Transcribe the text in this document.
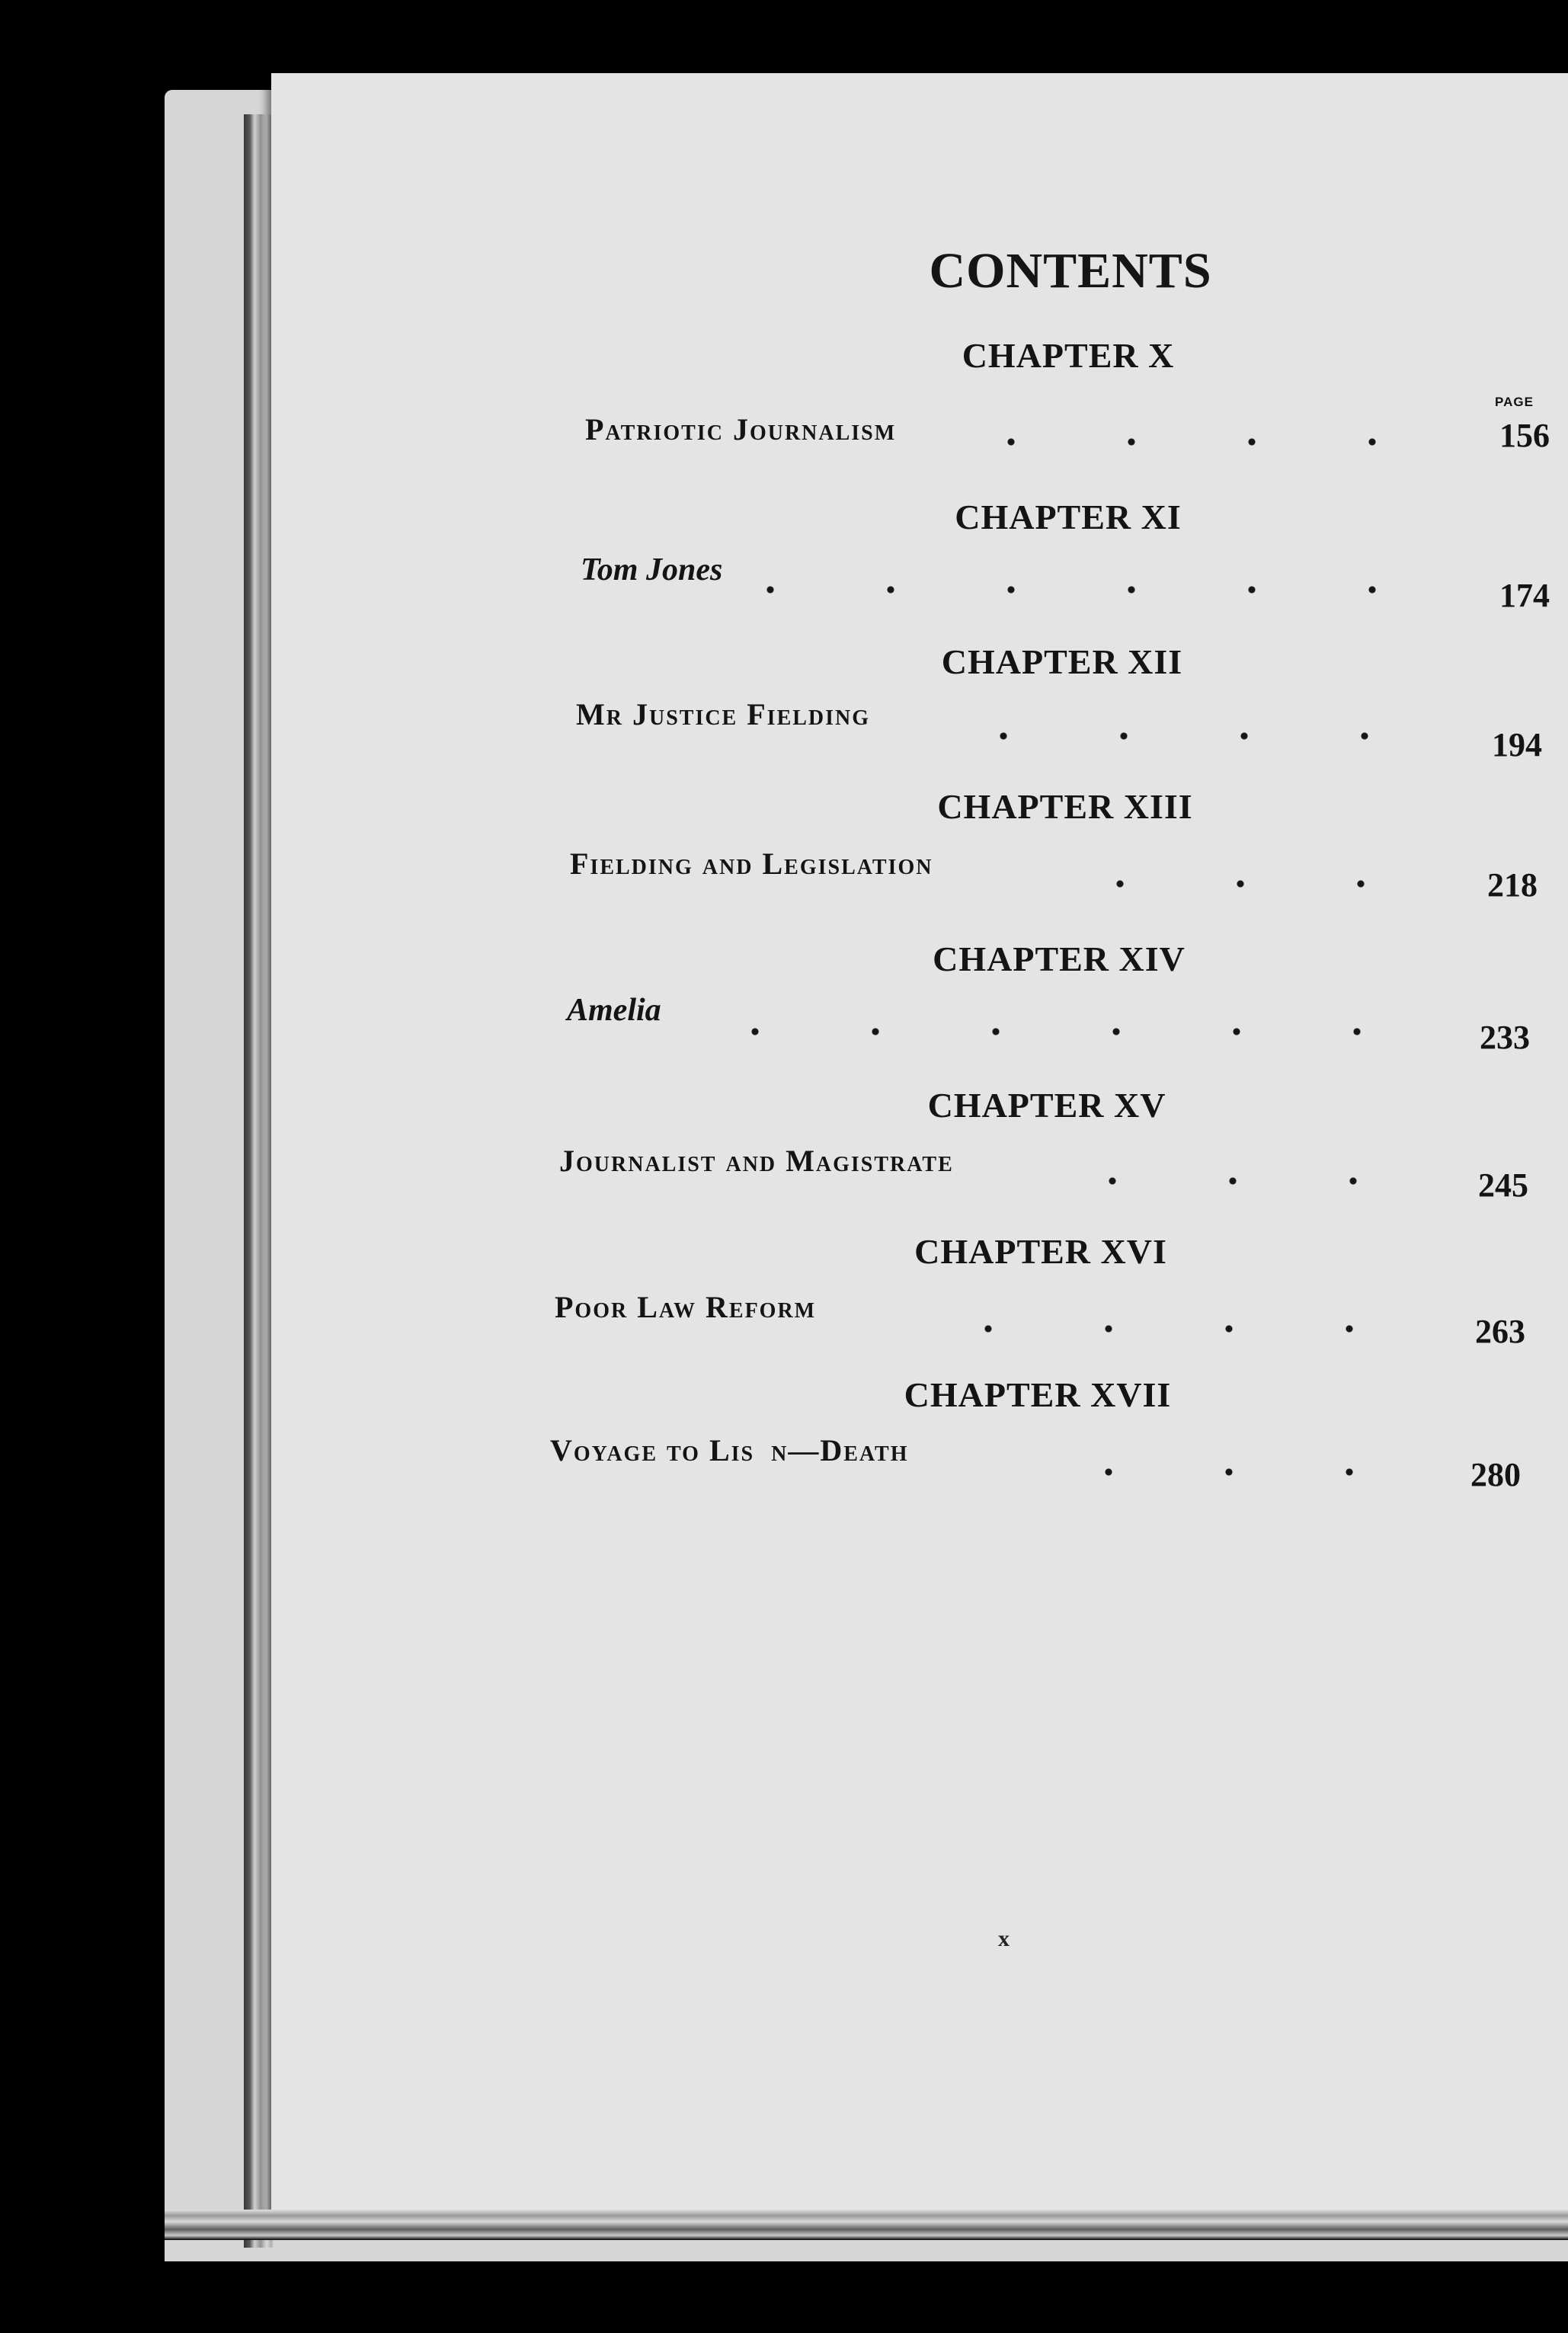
CONTENTS
PAGE
CHAPTER X
Patriotic Journalism	156
CHAPTER XI
Tom Jones
174
CHAPTER XII
Mr Justice Fielding
194
CHAPTER XIII
Fielding and Legislation
218
CHAPTER XIV
Amelia
233
CHAPTER XV
Journalist and Magistrate
245
CHAPTER XVI
Poor Law Reform
263
CHAPTER XVII
Voyage to Lis  n—Death
280
x
